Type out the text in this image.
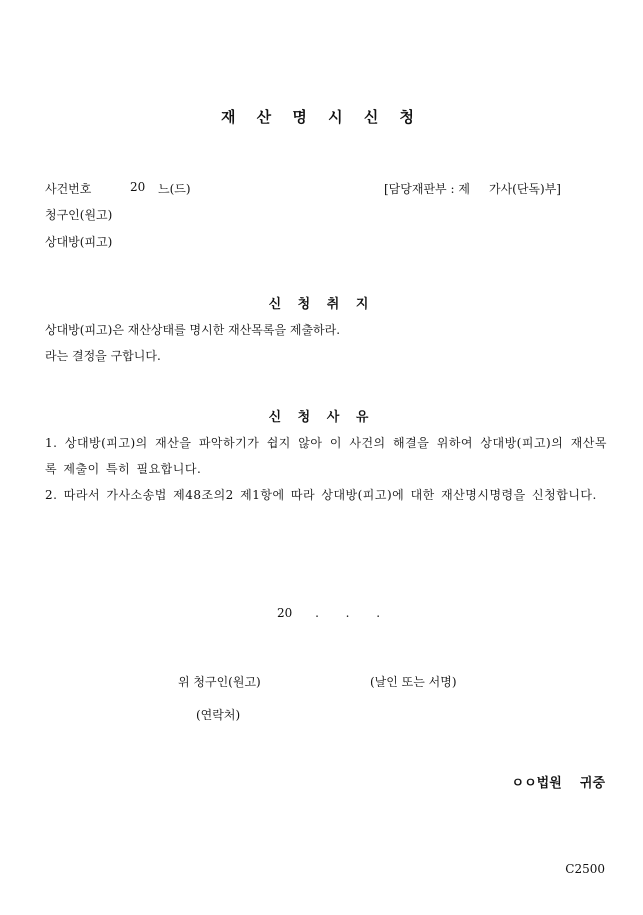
재 산 명 시 신 청
사건번호	20 느(드)	[담당재판부 : 제     가사(단독)부]
청구인(원고)
상대방(피고)
신 청 취 지
상대방(피고)은 재산상태를 명시한 재산목록을 제출하라.
라는 결정을 구합니다.
신 청 사 유

1. 상대방(피고)의 재산을 파악하기가 쉽지 않아 이 사건의 해결을 위하여 상대방(피고)의 재산목록 제출이 특히 필요합니다.

2. 따라서 가사소송법 제48조의2 제1항에 따라 상대방(피고)에 대한 재산명시명령을 신청합니다.

20      .       .       .
위 청구인(원고)	(날인 또는 서명)
(연락처)
ㅇㅇ법원    귀중
C2500
